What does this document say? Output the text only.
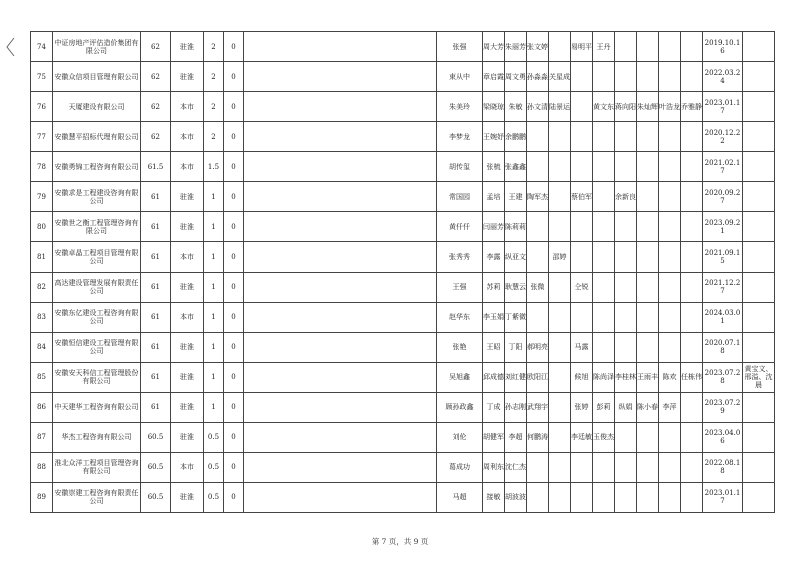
74	中证房地产评估造价集团有限公司	62	驻淮	2	0		张强	周大芳	朱丽芳	张文婷		易明平	王丹					2019.10.16	
75	安徽众信项目管理有限公司	62	驻淮	2	0		束从中	章启霞	周文勇	孙淼淼	关星成							2022.03.24	
76	天厦建设有限公司	62	本市	2	0		朱美玲	梁晓琼	朱敏	孙文清	陆景运		黄文东	蒋向阳	朱灿辉	叶浩龙	乔雅静	2023.01.17	
77	安徽慧平招标代理有限公司	62	本市	2	0		李梦龙	王婉妤	余鹏鹏									2020.12.22	
78	安徽勇锦工程咨询有限公司	61.5	本市	1.5	0		胡传玺	张梳	张鑫鑫									2021.02.17	
79	安徽求是工程建设咨询有限公司	61	驻淮	1	0		常国园	孟培	王建	陶军杰		蔡伯军		余新良				2020.09.27	
80	安徽世之衡工程管理咨询有限公司	61	驻淮	1	0		黄仟仟	闫丽芳	陈莉莉									2023.09.21	
81	安徽卓晶工程项目管理有限公司	61	本市	1	0		张秀秀	李露	纵亚文		邵婷							2021.09.15	
82	高达建设管理发展有限责任公司	61	驻淮	1	0		王强	苏莉	耿慧云	张微		仝锐						2021.12.27	
83	安徽东亿建设工程咨询有限公司	61	本市	1	0		赵华东	李玉娟	丁紫微									2024.03.01	
84	安徽恒信建设工程管理有限公司	61	驻淮	1	0		张艳	王昭	丁阳	郝明亮		马露						2020.07.18	
85	安徽安天科信工程管理股份有限公司	61	驻淮	1	0		吴旭鑫	邱成德	刘红健	欧阳江		候旭	陈尚泽	李桂林	王雨丰	陈欢	任栋伟	2023.07.28	黄宝文、邢溢、沈晨
86	中天建华工程咨询有限公司	61	驻淮	1	0		顾孙政鑫	丁成	孙志刚	武翔宇		张婷	彭莉	纵娟	陈小春	李萍		2023.07.29	
87	华杰工程咨询有限公司	60.5	驻淮	0.5	0		刘伦	胡健军	李超	何鹏涛		李廷敏	玉俊杰					2023.04.06	
88	淮北众洋工程项目管理咨询有限公司	60.5	本市	0.5	0		葛成功	周利东	沈仁杰									2022.08.18	
89	安徽崇建工程咨询有限责任公司	60.5	驻淮	0.5	0		马超	接敏	胡波波									2023.01.17	
第 7 页，共 9 页
